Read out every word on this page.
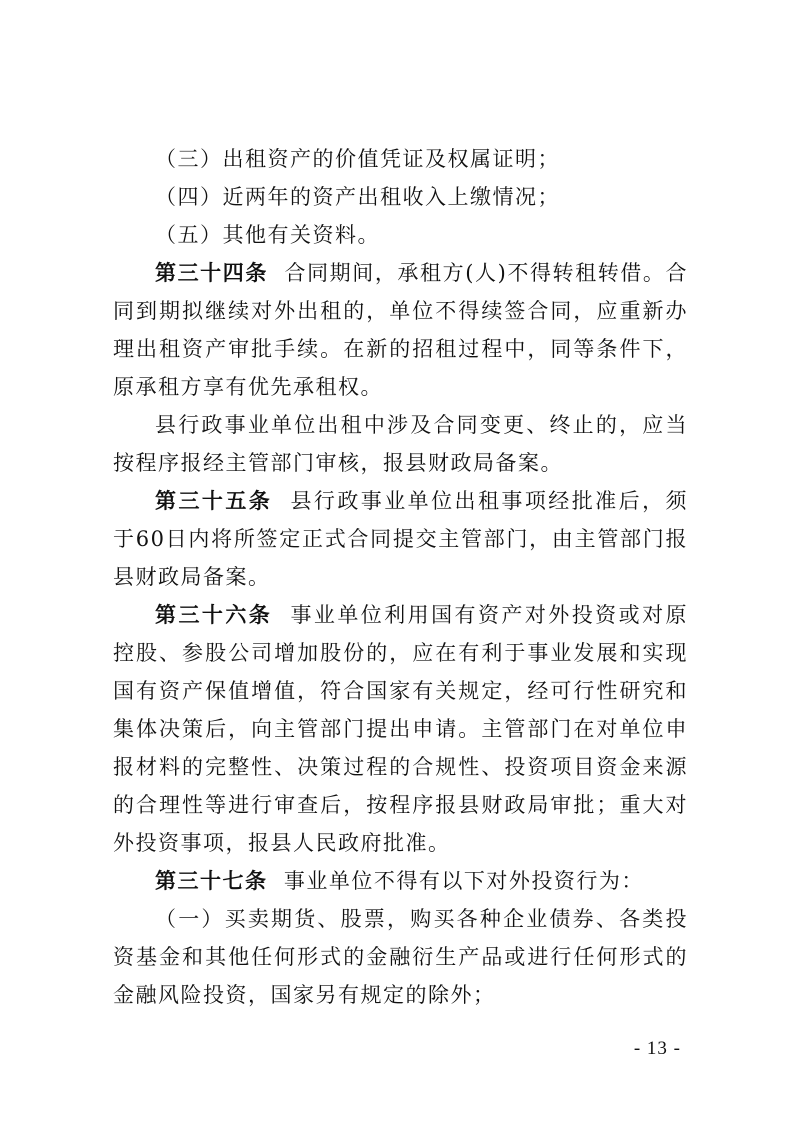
（三）出租资产的价值凭证及权属证明；

（四）近两年的资产出租收入上缴情况；

（五）其他有关资料。

第三十四条 合同期间，承租方(人)不得转租转借。合同到期拟继续对外出租的，单位不得续签合同，应重新办理出租资产审批手续。在新的招租过程中，同等条件下，原承租方享有优先承租权。

县行政事业单位出租中涉及合同变更、终止的，应当按程序报经主管部门审核，报县财政局备案。

第三十五条 县行政事业单位出租事项经批准后，须于60日内将所签定正式合同提交主管部门，由主管部门报县财政局备案。

第三十六条 事业单位利用国有资产对外投资或对原控股、参股公司增加股份的，应在有利于事业发展和实现国有资产保值增值，符合国家有关规定，经可行性研究和集体决策后，向主管部门提出申请。主管部门在对单位申报材料的完整性、决策过程的合规性、投资项目资金来源的合理性等进行审查后，按程序报县财政局审批；重大对外投资事项，报县人民政府批准。

第三十七条 事业单位不得有以下对外投资行为：

（一）买卖期货、股票，购买各种企业债券、各类投资基金和其他任何形式的金融衍生产品或进行任何形式的金融风险投资，国家另有规定的除外；

- 13 -
